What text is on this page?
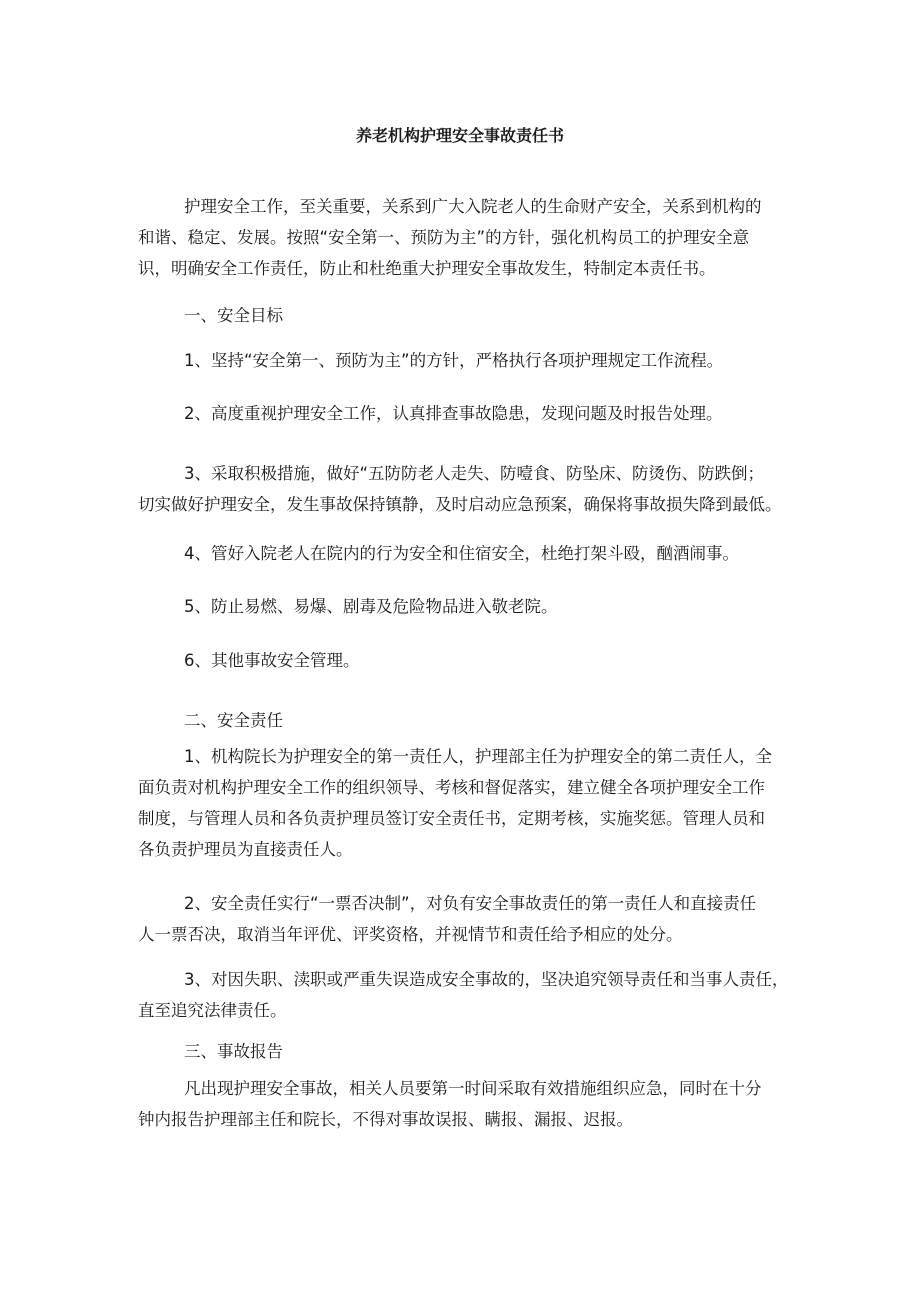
养老机构护理安全事故责任书
护理安全工作，至关重要，关系到广大入院老人的生命财产安全，关系到机构的
和谐、稳定、发展。按照“安全第一、预防为主”的方针，强化机构员工的护理安全意
识，明确安全工作责任，防止和杜绝重大护理安全事故发生，特制定本责任书。
一、安全目标
1、坚持“安全第一、预防为主”的方针，严格执行各项护理规定工作流程。
2、高度重视护理安全工作，认真排查事故隐患，发现问题及时报告处理。
3、采取积极措施，做好“五防防老人走失、防噎食、防坠床、防烫伤、防跌倒；
切实做好护理安全，发生事故保持镇静，及时启动应急预案，确保将事故损失降到最低。
4、管好入院老人在院内的行为安全和住宿安全，杜绝打架斗殴，酗酒闹事。
5、防止易燃、易爆、剧毒及危险物品进入敬老院。
6、其他事故安全管理。
二、安全责任
1、机构院长为护理安全的第一责任人，护理部主任为护理安全的第二责任人，全
面负责对机构护理安全工作的组织领导、考核和督促落实，建立健全各项护理安全工作
制度，与管理人员和各负责护理员签订安全责任书，定期考核，实施奖惩。管理人员和
各负责护理员为直接责任人。
2、安全责任实行“一票否决制”，对负有安全事故责任的第一责任人和直接责任
人一票否决，取消当年评优、评奖资格，并视情节和责任给予相应的处分。
3、对因失职、渎职或严重失误造成安全事故的，坚决追究领导责任和当事人责任，
直至追究法律责任。
三、事故报告
凡出现护理安全事故，相关人员要第一时间采取有效措施组织应急，同时在十分
钟内报告护理部主任和院长，不得对事故误报、瞒报、漏报、迟报。
